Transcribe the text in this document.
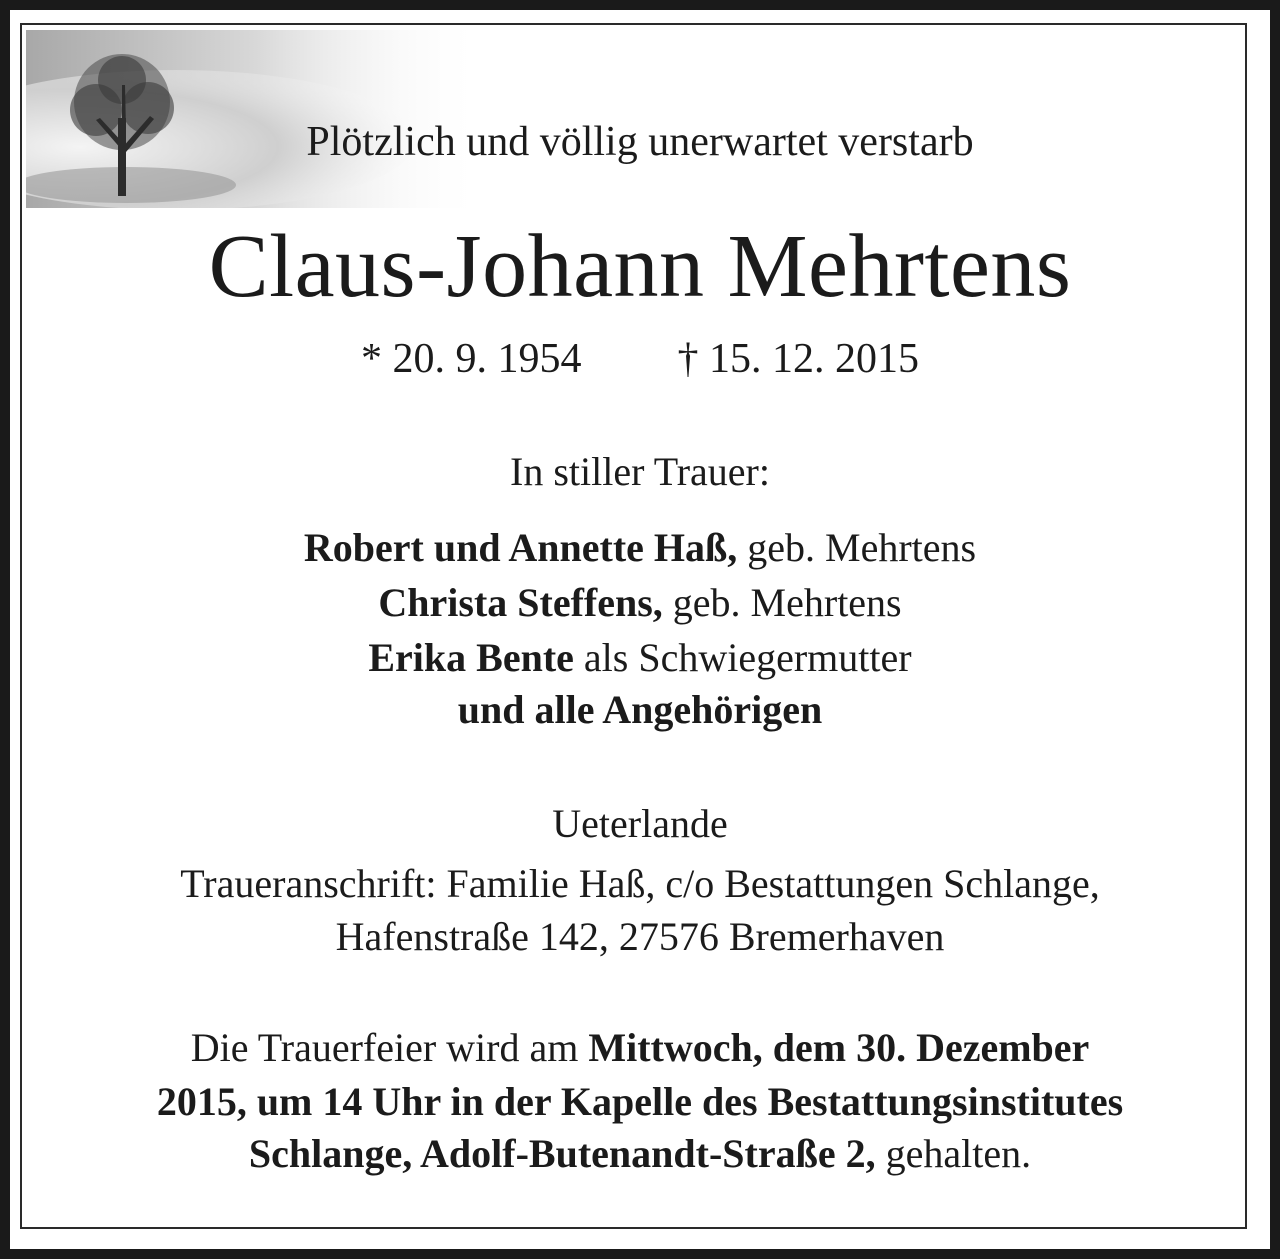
Plötzlich und völlig unerwartet verstarb
Claus-Johann Mehrtens
* 20. 9. 1954 † 15. 12. 2015
In stiller Trauer:
Robert und Annette Haß, geb. Mehrtens
Christa Steffens, geb. Mehrtens
Erika Bente als Schwiegermutter
und alle Angehörigen
Ueterlande
Traueranschrift: Familie Haß, c/o Bestattungen Schlange,
Hafenstraße 142, 27576 Bremerhaven
Die Trauerfeier wird am Mittwoch, dem 30. Dezember
2015, um 14 Uhr in der Kapelle des Bestattungsinstitutes
Schlange, Adolf-Butenandt-Straße 2, gehalten.
